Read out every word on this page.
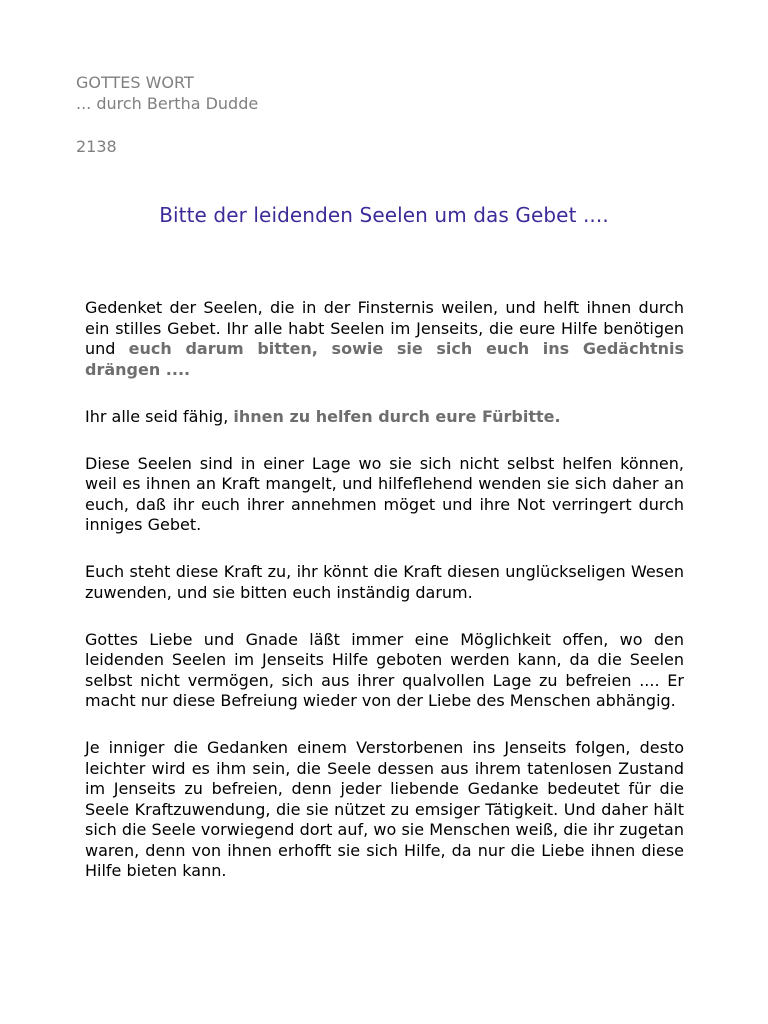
GOTTES WORT
... durch Bertha Dudde
2138
Bitte der leidenden Seelen um das Gebet ....

Gedenket der Seelen, die in der Finsternis weilen, und helft ihnen durch ein stilles Gebet. Ihr alle habt Seelen im Jenseits, die eure Hilfe benötigen und euch darum bitten, sowie sie sich euch ins Gedächtnis drängen ....

Ihr alle seid fähig, ihnen zu helfen durch eure Fürbitte.

Diese Seelen sind in einer Lage wo sie sich nicht selbst helfen können, weil es ihnen an Kraft mangelt, und hilfeflehend wenden sie sich daher an euch, daß ihr euch ihrer annehmen möget und ihre Not verringert durch inniges Gebet.

Euch steht diese Kraft zu, ihr könnt die Kraft diesen unglückseligen Wesen zuwenden, und sie bitten euch inständig darum.

Gottes Liebe und Gnade läßt immer eine Möglichkeit offen, wo den leidenden Seelen im Jenseits Hilfe geboten werden kann, da die Seelen selbst nicht vermögen, sich aus ihrer qualvollen Lage zu befreien .... Er macht nur diese Befreiung wieder von der Liebe des Menschen abhängig.

Je inniger die Gedanken einem Verstorbenen ins Jenseits folgen, desto leichter wird es ihm sein, die Seele dessen aus ihrem tatenlosen Zustand im Jenseits zu befreien, denn jeder liebende Gedanke bedeutet für die Seele Kraftzuwendung, die sie nützet zu emsiger Tätigkeit. Und daher hält sich die Seele vorwiegend dort auf, wo sie Menschen weiß, die ihr zugetan waren, denn von ihnen erhofft sie sich Hilfe, da nur die Liebe ihnen diese Hilfe bieten kann.
